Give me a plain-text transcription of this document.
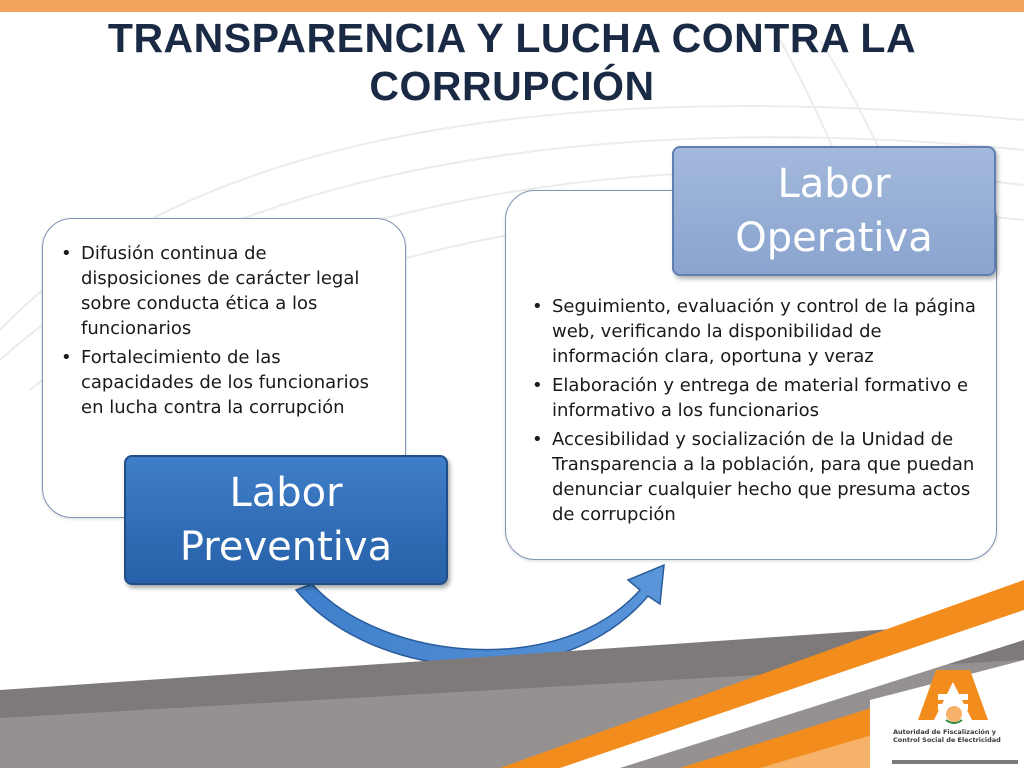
TRANSPARENCIA Y LUCHA CONTRA LA CORRUPCIÓN
• Difusión continua de disposiciones de carácter legal sobre conducta ética a los funcionarios
• Fortalecimiento de las capacidades de los funcionarios en lucha contra la corrupción
• Seguimiento, evaluación y control de la página web, verificando la disponibilidad de información clara, oportuna y veraz
• Elaboración y entrega de material formativo e informativo a los funcionarios
• Accesibilidad y socialización de la Unidad de Transparencia a la población, para que puedan denunciar cualquier hecho que presuma actos de corrupción
Labor Preventiva
Labor Operativa
Autoridad de Fiscalización y
Control Social de Electricidad
